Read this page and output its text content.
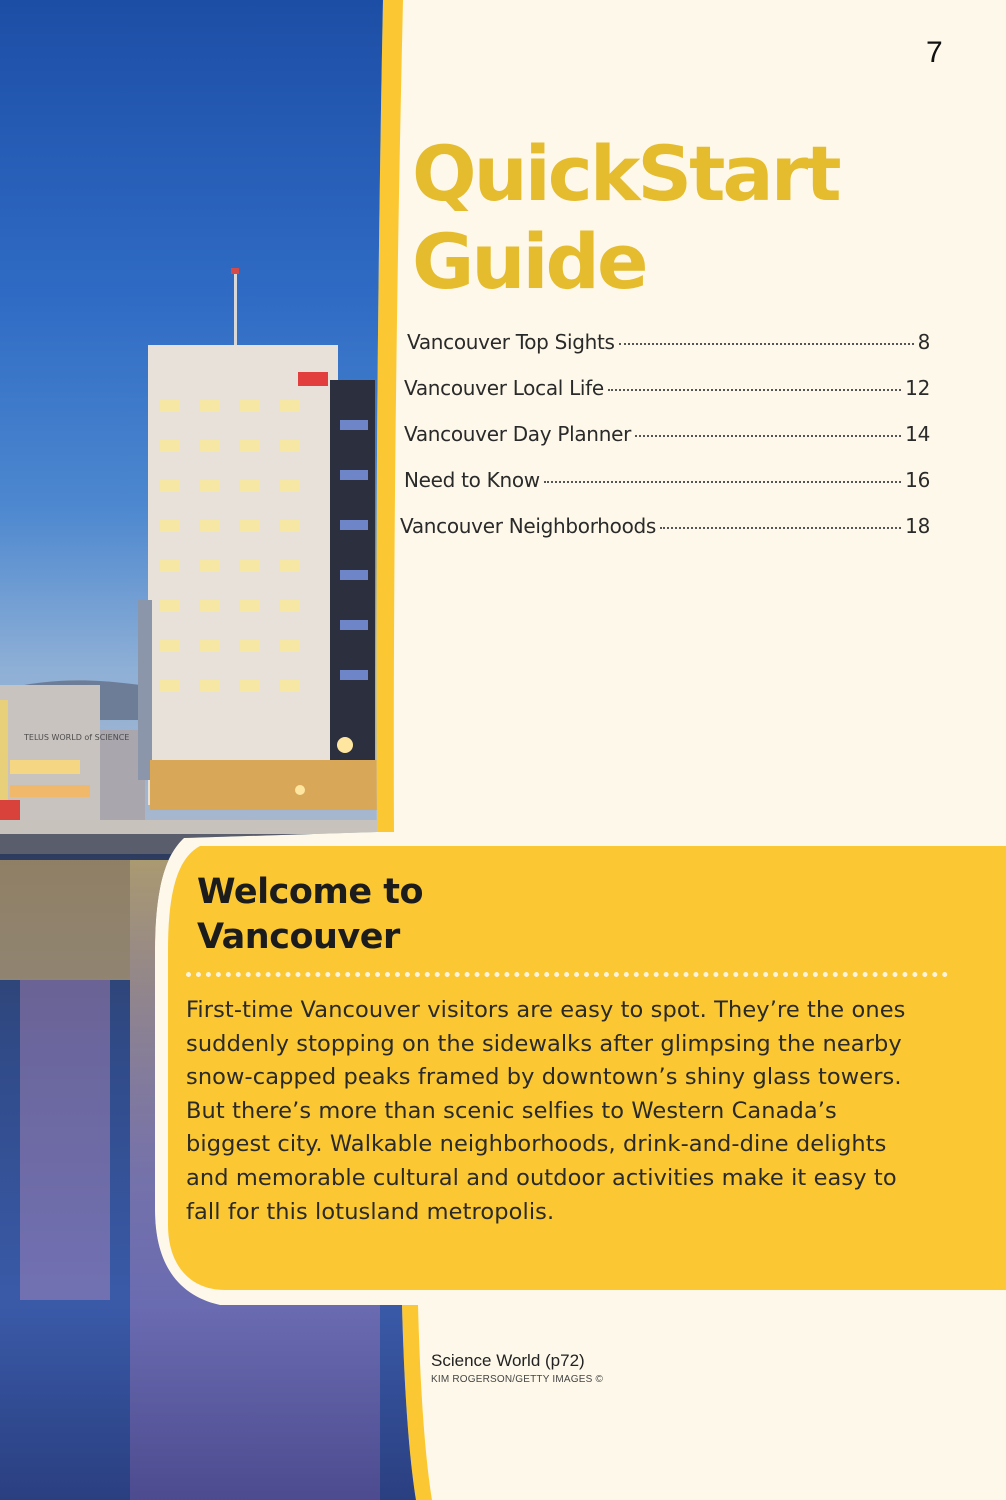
TELUS WORLD of SCIENCE
7
QuickStart
Guide
Vancouver Top Sights	8
Vancouver Local Life	12
Vancouver Day Planner	14
Need to Know	16
Vancouver Neighborhoods	18
Welcome to
Vancouver

First-time Vancouver visitors are easy to spot. They’re the ones suddenly stopping on the sidewalks after glimpsing the nearby snow-capped peaks framed by downtown’s shiny glass towers. But there’s more than scenic selfies to Western Canada’s biggest city. Walkable neighborhoods, drink-and-dine delights and memorable cultural and outdoor activities make it easy to fall for this lotusland metropolis.

Science World (p72)
KIM ROGERSON/GETTY IMAGES ©
